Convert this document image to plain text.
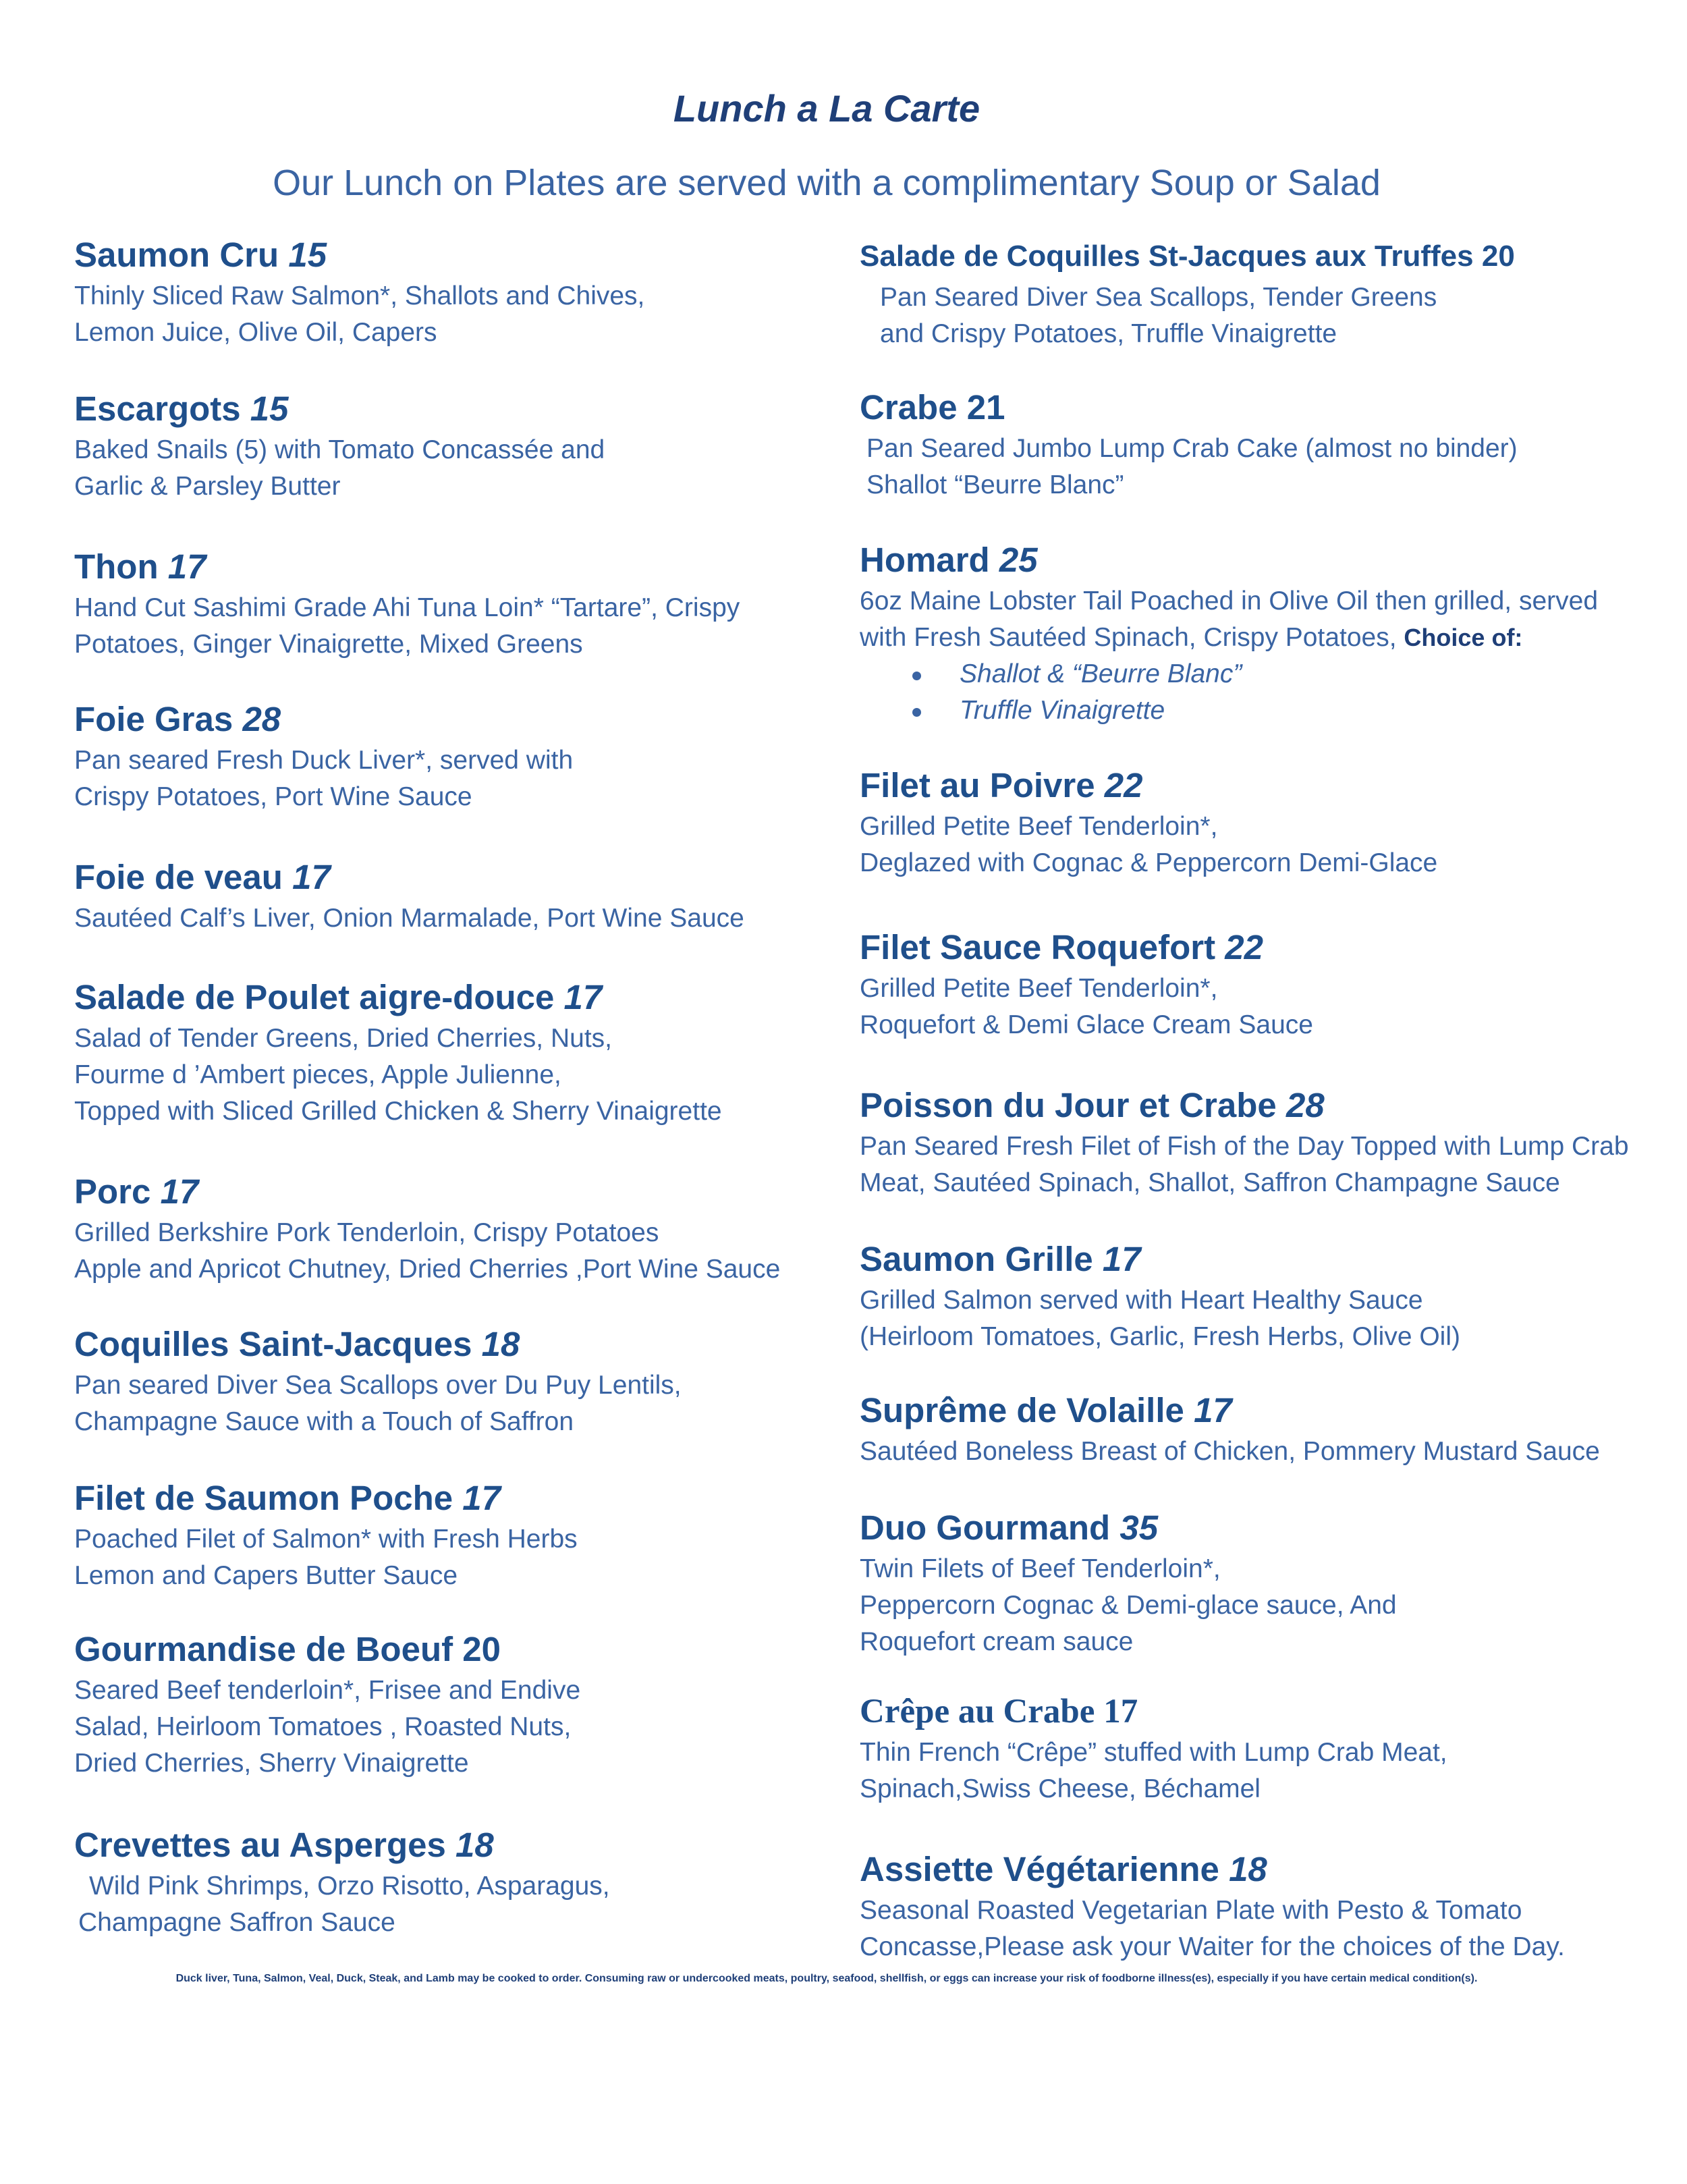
Lunch a La Carte

Our Lunch on Plates are served with a complimentary Soup or Salad

Saumon Cru 15
Thinly Sliced Raw Salmon*, Shallots and Chives,
Lemon Juice, Olive Oil, Capers
Escargots 15
Baked Snails (5) with Tomato Concassée and
Garlic & Parsley Butter
Thon 17
Hand Cut Sashimi Grade Ahi Tuna Loin* “Tartare”, Crispy
Potatoes, Ginger Vinaigrette, Mixed Greens
Foie Gras 28
Pan seared Fresh Duck Liver*, served with
Crispy Potatoes, Port Wine Sauce
Foie de veau 17
Sautéed Calf’s Liver, Onion Marmalade, Port Wine Sauce
Salade de Poulet aigre-douce 17
Salad of Tender Greens, Dried Cherries, Nuts,
Fourme d ’Ambert pieces, Apple Julienne,
Topped with Sliced Grilled Chicken & Sherry Vinaigrette
Porc 17
Grilled Berkshire Pork Tenderloin, Crispy Potatoes
Apple and Apricot Chutney, Dried Cherries ,Port Wine Sauce
Coquilles Saint-Jacques 18
Pan seared Diver Sea Scallops over Du Puy Lentils,
Champagne Sauce with a Touch of Saffron
Filet de Saumon Poche 17
Poached Filet of Salmon* with Fresh Herbs
Lemon and Capers Butter Sauce
Gourmandise de Boeuf 20
Seared Beef tenderloin*, Frisee and Endive
Salad, Heirloom Tomatoes , Roasted Nuts,
Dried Cherries, Sherry Vinaigrette
Crevettes au Asperges 18
Wild Pink Shrimps, Orzo Risotto, Asparagus,
Champagne Saffron Sauce
Salade de Coquilles St-Jacques aux Truffes 20
Pan Seared Diver Sea Scallops, Tender Greens
and Crispy Potatoes, Truffle Vinaigrette
Crabe 21
Pan Seared Jumbo Lump Crab Cake (almost no binder)
Shallot “Beurre Blanc”
Homard 25
6oz Maine Lobster Tail Poached in Olive Oil then grilled, served
with Fresh Sautéed Spinach, Crispy Potatoes, Choice of:
Shallot & “Beurre Blanc”
Truffle Vinaigrette
Filet au Poivre 22
Grilled Petite Beef Tenderloin*,
Deglazed with Cognac & Peppercorn Demi-Glace
Filet Sauce Roquefort 22
Grilled Petite Beef Tenderloin*,
Roquefort & Demi Glace Cream Sauce
Poisson du Jour et Crabe 28
Pan Seared Fresh Filet of Fish of the Day Topped with Lump Crab
Meat, Sautéed Spinach, Shallot, Saffron Champagne Sauce
Saumon Grille 17
Grilled Salmon served with Heart Healthy Sauce
(Heirloom Tomatoes, Garlic, Fresh Herbs, Olive Oil)
Suprême de Volaille 17
Sautéed Boneless Breast of Chicken, Pommery Mustard Sauce
Duo Gourmand 35
Twin Filets of Beef Tenderloin*,
Peppercorn Cognac & Demi-glace sauce, And
Roquefort cream sauce
Crêpe au Crabe 17
Thin French “Crêpe” stuffed with Lump Crab Meat,
Spinach,Swiss Cheese, Béchamel
Assiette Végétarienne 18
Seasonal Roasted Vegetarian Plate with Pesto & Tomato
Concasse,Please ask your Waiter for the choices of the Day.
Duck liver, Tuna, Salmon, Veal, Duck, Steak, and Lamb may be cooked to order. Consuming raw or undercooked meats, poultry, seafood, shellfish, or eggs can increase your risk of foodborne illness(es), especially if you have certain medical condition(s).
